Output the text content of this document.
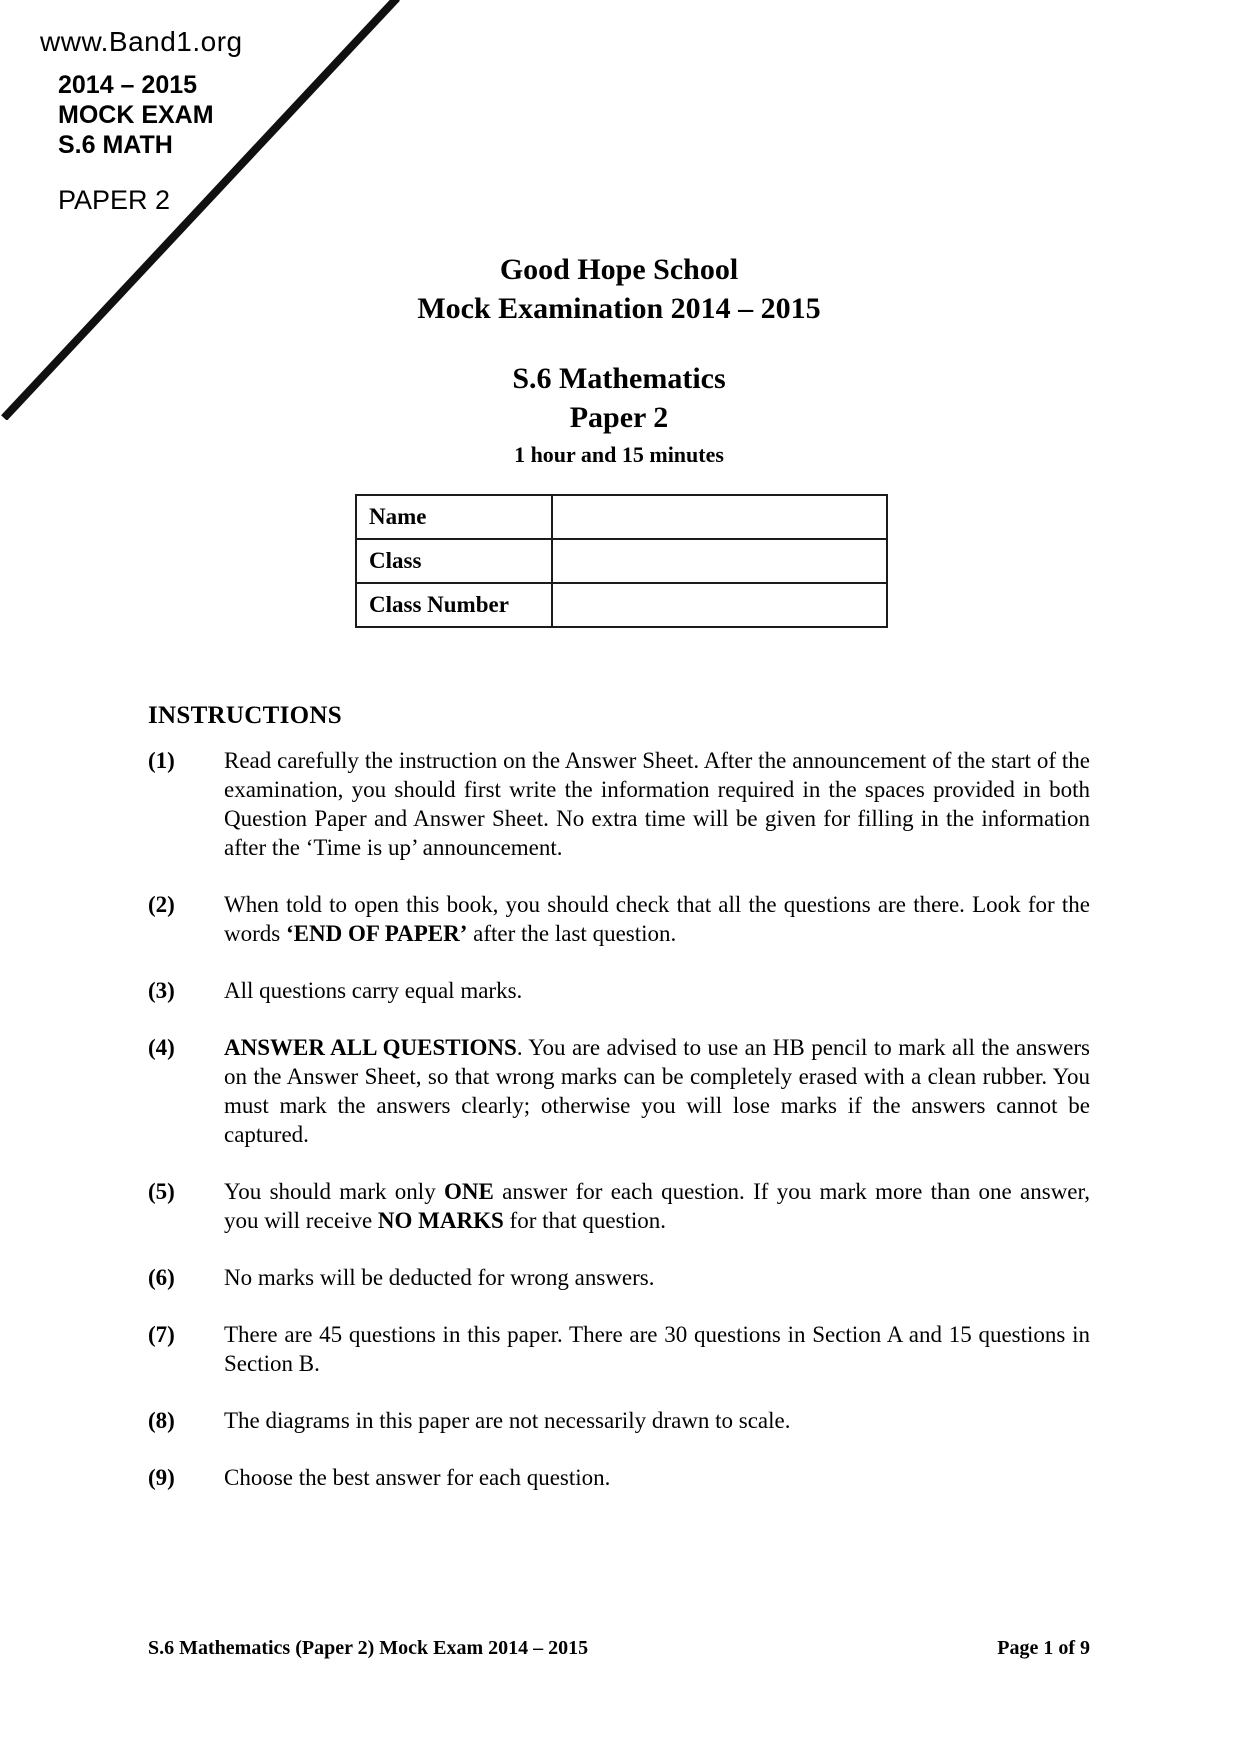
www.Band1.org
2014 – 2015
MOCK EXAM
S.6 MATH
PAPER 2
Good Hope School
Mock Examination 2014 – 2015
S.6 Mathematics
Paper 2
1 hour and 15 minutes
Name	
Class	
Class Number	
INSTRUCTIONS
(1)	Read carefully the instruction on the Answer Sheet. After the announcement of the start of the examination, you should first write the information required in the spaces provided in both Question Paper and Answer Sheet. No extra time will be given for filling in the information after the ‘Time is up’ announcement.

(2)	When told to open this book, you should check that all the questions are there. Look for the words ‘END OF PAPER’ after the last question.

(3)	All questions carry equal marks.

(4)	ANSWER ALL QUESTIONS. You are advised to use an HB pencil to mark all the answers on the Answer Sheet, so that wrong marks can be completely erased with a clean rubber. You must mark the answers clearly; otherwise you will lose marks if the answers cannot be captured.

(5)	You should mark only ONE answer for each question. If you mark more than one answer, you will receive NO MARKS for that question.

(6)	No marks will be deducted for wrong answers.

(7)	There are 45 questions in this paper. There are 30 questions in Section A and 15 questions in Section B.

(8)	The diagrams in this paper are not necessarily drawn to scale.

(9)	Choose the best answer for each question.

S.6 Mathematics (Paper 2) Mock Exam 2014 – 2015	Page 1 of 9
